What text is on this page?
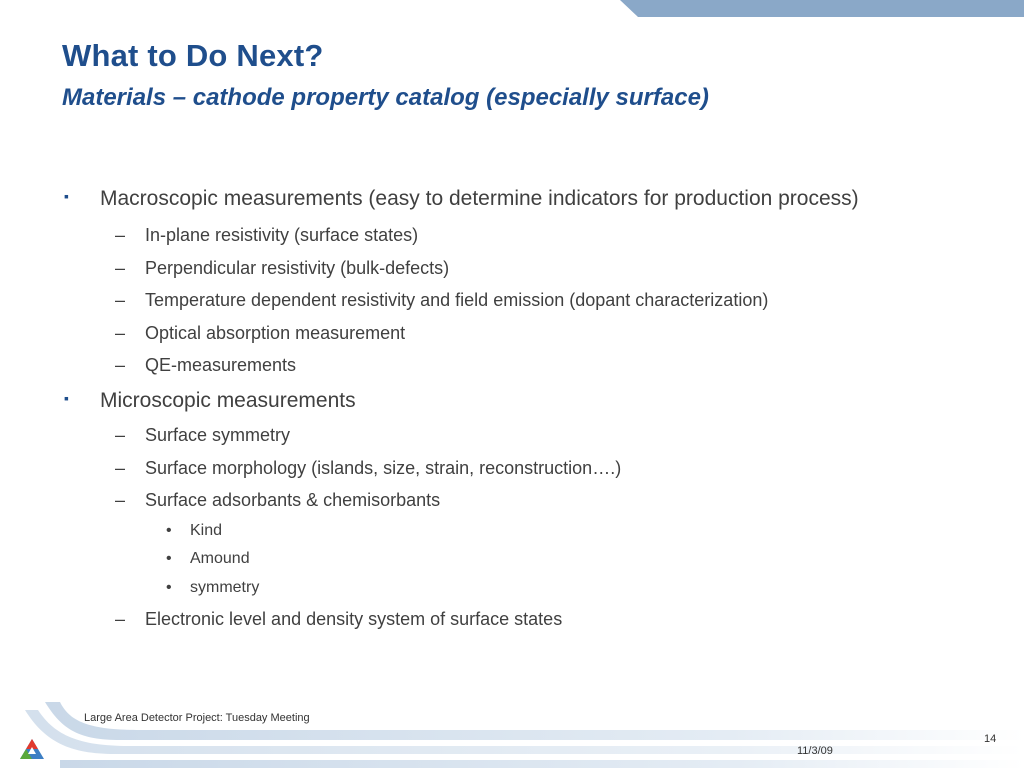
What to Do Next?
Materials – cathode property catalog (especially surface)
▪ Macroscopic measurements (easy to determine indicators for production process)
– In-plane resistivity (surface states)
– Perpendicular resistivity (bulk-defects)
– Temperature dependent resistivity and field emission (dopant characterization)
– Optical absorption measurement
– QE-measurements
▪ Microscopic measurements
– Surface symmetry
– Surface morphology (islands, size, strain, reconstruction….)
– Surface adsorbants & chemisorbants
• Kind
• Amound
• symmetry
– Electronic level and density system of surface states
Large Area Detector Project: Tuesday Meeting
14
11/3/09
